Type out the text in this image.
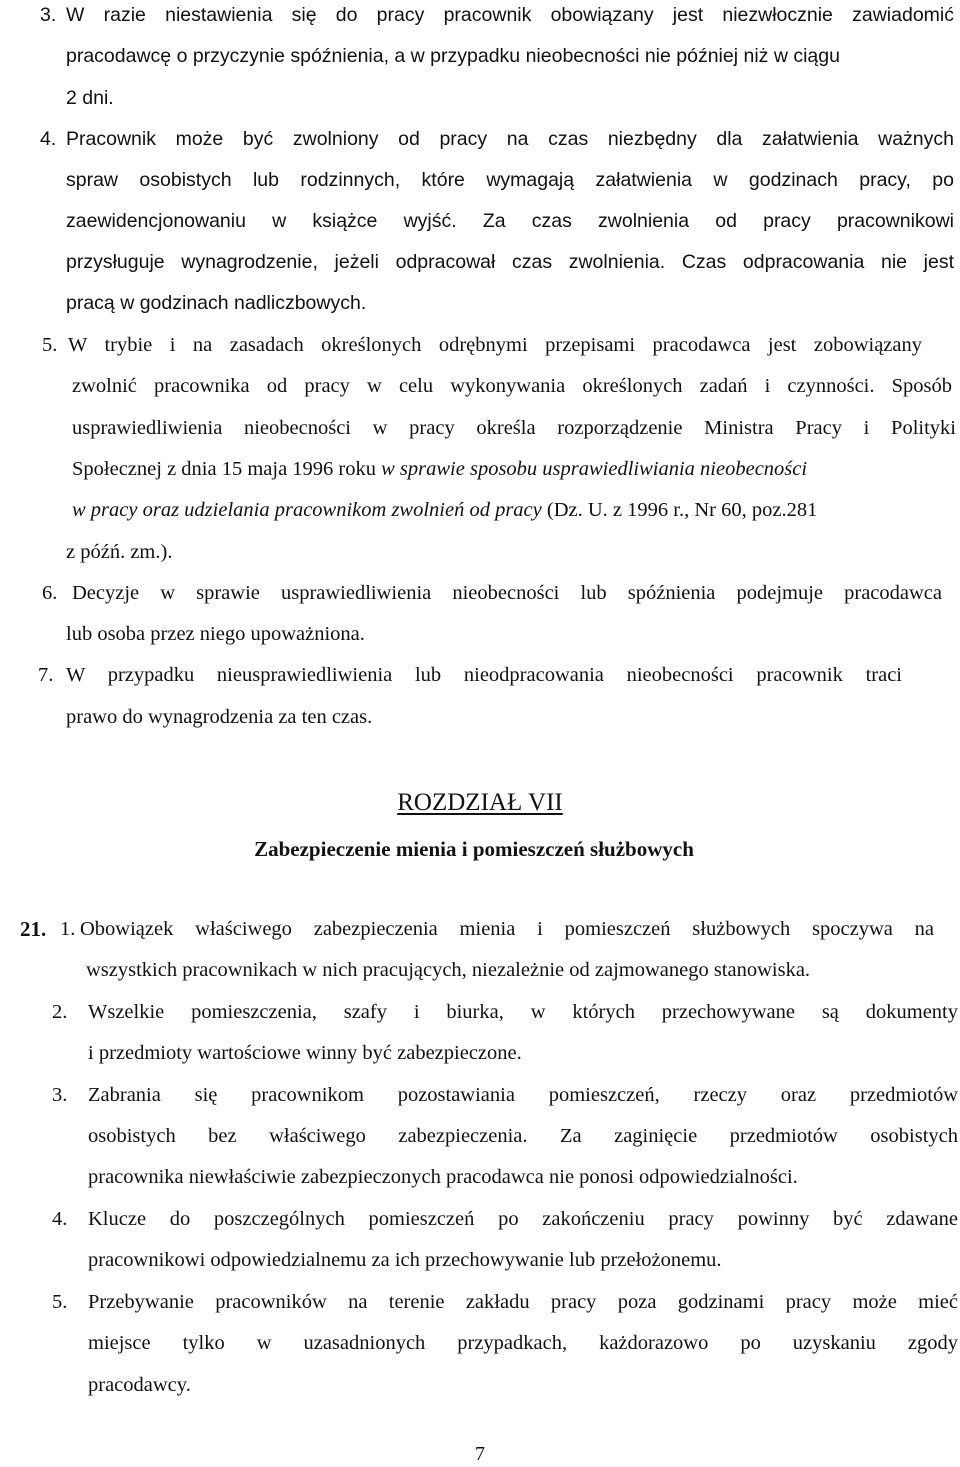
3. W razie niestawienia się do pracy pracownik obowiązany jest niezwłocznie zawiadomić
pracodawcę o przyczynie spóźnienia, a w przypadku nieobecności nie później niż w ciągu
2 dni.
4. Pracownik może być zwolniony od pracy na czas niezbędny dla załatwienia ważnych
spraw osobistych lub rodzinnych, które wymagają załatwienia w godzinach pracy, po
zaewidencjonowaniu w książce wyjść. Za czas zwolnienia od pracy pracownikowi
przysługuje wynagrodzenie, jeżeli odpracował czas zwolnienia. Czas odpracowania nie jest
pracą w godzinach nadliczbowych.
5. W trybie i na zasadach określonych odrębnymi przepisami pracodawca jest zobowiązany
zwolnić pracownika od pracy w celu wykonywania określonych zadań i czynności. Sposób
usprawiedliwienia nieobecności w pracy określa rozporządzenie Ministra Pracy i Polityki
Społecznej z dnia 15 maja 1996 roku w sprawie sposobu usprawiedliwiania nieobecności
w pracy oraz udzielania pracownikom zwolnień od pracy (Dz. U. z 1996 r., Nr 60, poz.281
z późń. zm.).
6. Decyzje w sprawie usprawiedliwienia nieobecności lub spóźnienia podejmuje pracodawca
lub osoba przez niego upoważniona.
7. W przypadku nieusprawiedliwienia lub nieodpracowania nieobecności pracownik traci
prawo do wynagrodzenia za ten czas.
ROZDZIAŁ VII
Zabezpieczenie mienia i pomieszczeń służbowych
21. 1. Obowiązek właściwego zabezpieczenia mienia i pomieszczeń służbowych spoczywa na
wszystkich pracownikach w nich pracujących, niezależnie od zajmowanego stanowiska.
2. Wszelkie pomieszczenia, szafy i biurka, w których przechowywane są dokumenty
i przedmioty wartościowe winny być zabezpieczone.
3. Zabrania się pracownikom pozostawiania pomieszczeń, rzeczy oraz przedmiotów
osobistych bez właściwego zabezpieczenia. Za zaginięcie przedmiotów osobistych
pracownika niewłaściwie zabezpieczonych pracodawca nie ponosi odpowiedzialności.
4. Klucze do poszczególnych pomieszczeń po zakończeniu pracy powinny być zdawane
pracownikowi odpowiedzialnemu za ich przechowywanie lub przełożonemu.
5. Przebywanie pracowników na terenie zakładu pracy poza godzinami pracy może mieć
miejsce tylko w uzasadnionych przypadkach, każdorazowo po uzyskaniu zgody
pracodawcy.
7
